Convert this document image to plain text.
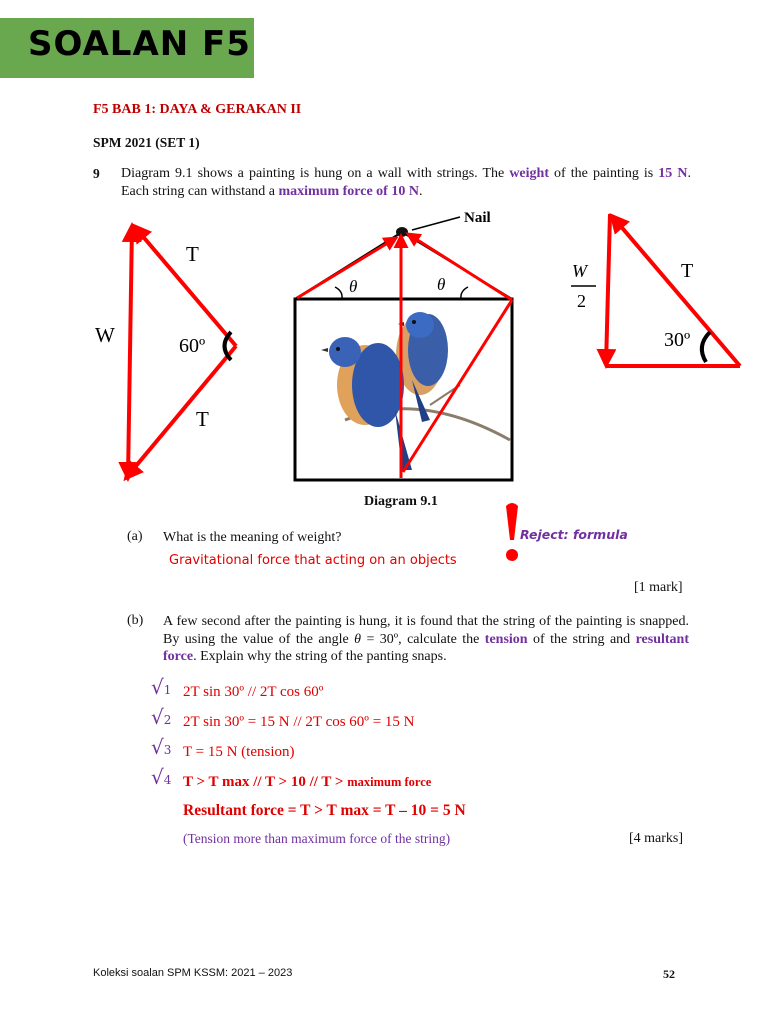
SOALAN F5
F5 BAB 1: DAYA & GERAKAN II
SPM 2021 (SET 1)
9 Diagram 9.1 shows a painting is hung on a wall with strings. The weight of the painting is 15 N. Each string can withstand a maximum force of 10 N.
W
T
T
60º
Nail
θ	θ
W
2
T
30º
Diagram 9.1
(a) What is the meaning of weight?	Reject: formula
Gravitational force that acting on an objects
[1 mark]
(b) A few second after the painting is hung, it is found that the string of the painting is snapped. By using the value of the angle θ = 30º, calculate the tension of the string and resultant force. Explain why the string of the panting snaps.
√1
√2
√3
√4
2T sin 30º // 2T cos 60º
2T sin 30º = 15 N // 2T cos 60º = 15 N
T = 15 N (tension)
T > T max // T > 10 // T > maximum force
Resultant force = T > T max = T – 10 = 5 N
(Tension more than maximum force of the string)	[4 marks]
Koleksi soalan SPM KSSM: 2021 – 2023	52
